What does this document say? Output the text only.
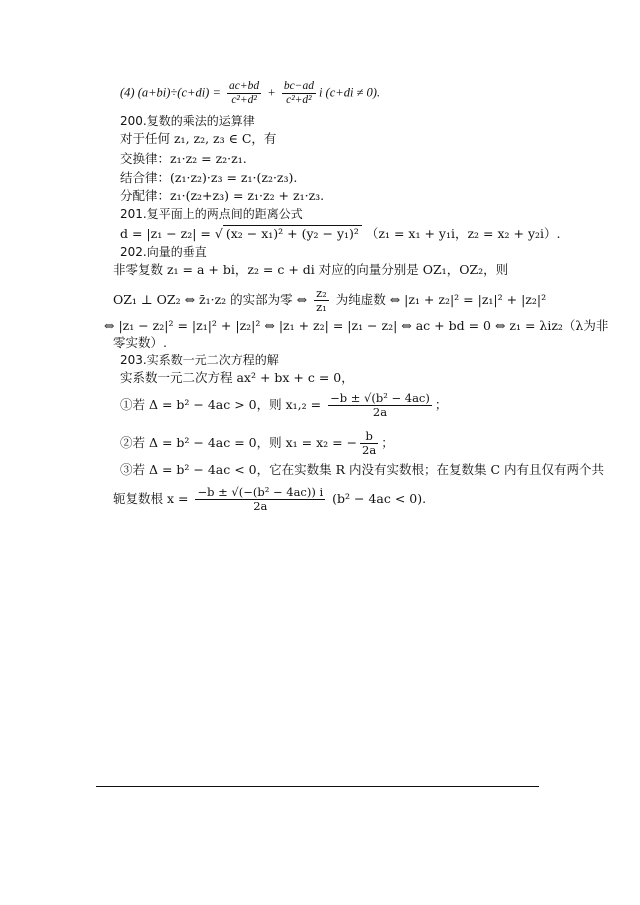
(4) $(a+bi)\div(c+di) = \frac{ac+bd}{\text{c²+d²}} + \frac{bc-ad}{\text{c²+d²}}$ i (c+di ≠ 0).
200.复数的乘法的运算律
对于任何 z₁, z₂, z₃ ∈ C，有
交换律：z₁·z₂ = z₂·z₁.
结合律：(z₁·z₂)·z₃ = z₁·(z₂·z₃).
分配律：z₁·(z₂+z₃) = z₁·z₂ + z₁·z₃.
201.复平面上的两点间的距离公式
d = |z₁ − z₂| = √ (x₂ − x₁)² + (y₂ − y₁)² （z₁ = x₁ + y₁i，z₂ = x₂ + y₂i）.
202.向量的垂直
非零复数 z₁ = a + bi，z₂ = c + di 对应的向量分别是 OZ₁，OZ₂，则
OZ₁ ⊥ OZ₂ ⇔ z̄₁·z₂ 的实部为零 ⇔ $\frac{\text{z₂}}{\text{z₁}}$ 为纯虚数 ⇔ |z₁ + z₂|² = |z₁|² + |z₂|²
⇔ |z₁ − z₂|² = |z₁|² + |z₂|² ⇔ |z₁ + z₂| = |z₁ − z₂| ⇔ ac + bd = 0 ⇔ z₁ = λiz₂（λ为非
零实数）.
203.实系数一元二次方程的解
实系数一元二次方程 ax² + bx + c = 0，
①若 Δ = b² − 4ac > 0，则 $x_1,_2 = \frac{\text{−b ± √(b² − 4ac)}}{2a}$ ；
②若 Δ = b² − 4ac = 0，则 x₁ = x₂ = − $\frac{b}{2a}$ ；
③若 Δ = b² − 4ac < 0，它在实数集 R 内没有实数根；在复数集 C 内有且仅有两个共
轭复数根 $x = \frac{\text{−b ± √(−(b² − 4ac)) i}}{2a} (b^2 - 4ac < 0)$.
